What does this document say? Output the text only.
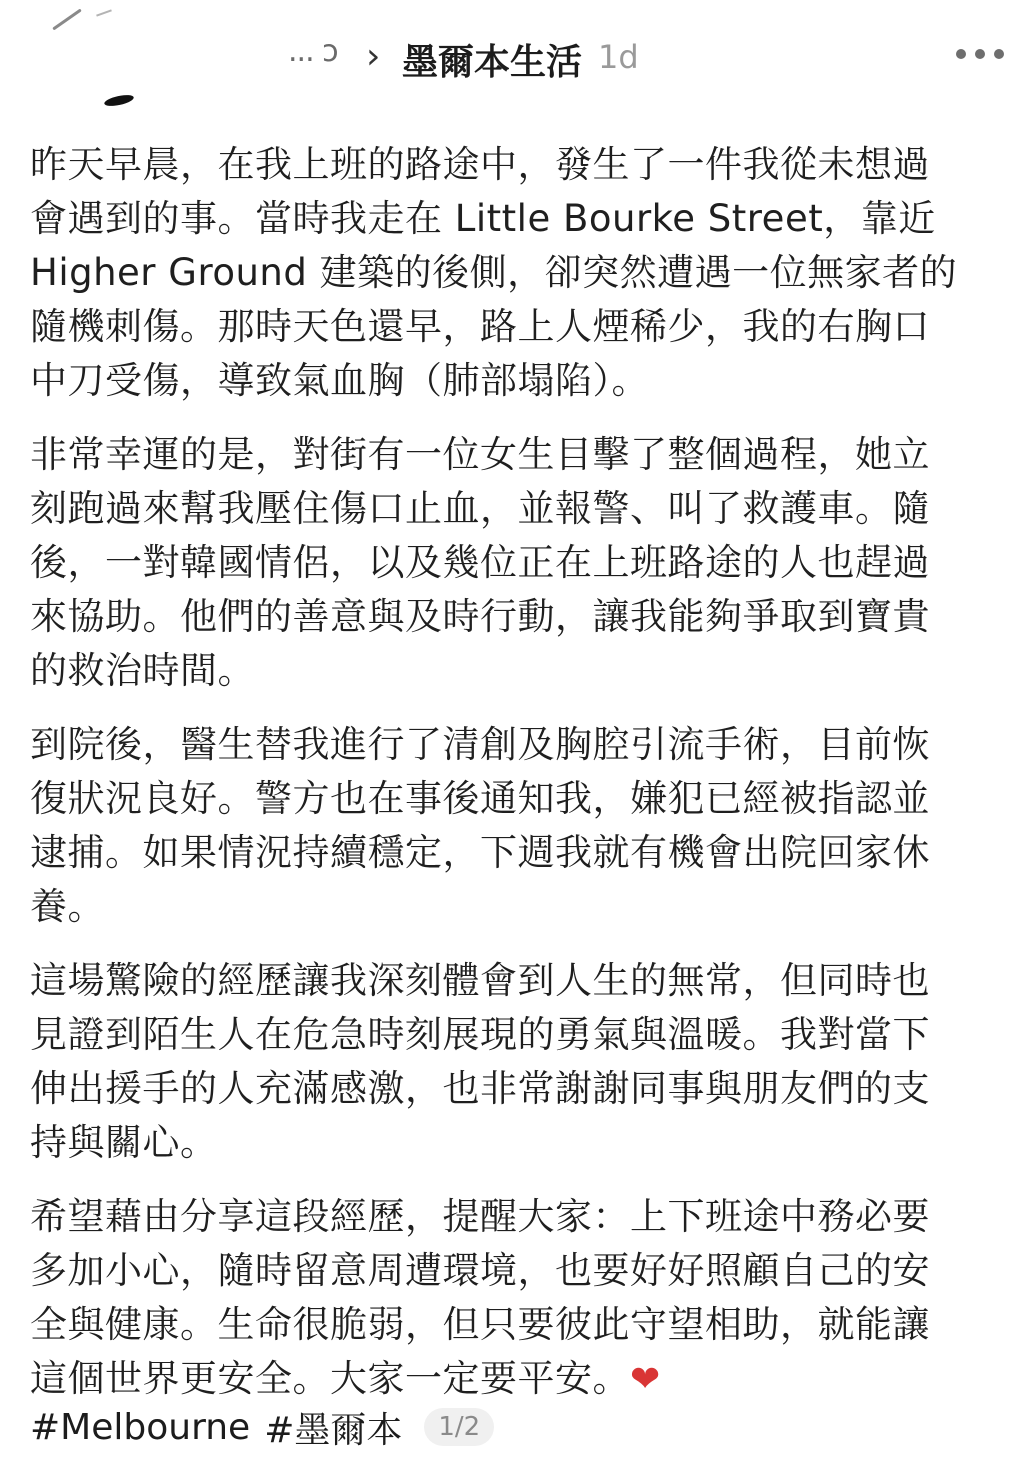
... ͻ › 墨爾本生活 1d

昨天早晨，在我上班的路途中，發生了一件我從未想過會遇到的事。當時我走在 Little Bourke Street，靠近 Higher Ground 建築的後側，卻突然遭遇一位無家者的隨機刺傷。那時天色還早，路上人煙稀少，我的右胸口中刀受傷，導致氣血胸（肺部塌陷）。

非常幸運的是，對街有一位女生目擊了整個過程，她立刻跑過來幫我壓住傷口止血，並報警、叫了救護車。隨後，一對韓國情侶，以及幾位正在上班路途的人也趕過來協助。他們的善意與及時行動，讓我能夠爭取到寶貴的救治時間。

到院後，醫生替我進行了清創及胸腔引流手術，目前恢復狀況良好。警方也在事後通知我，嫌犯已經被指認並逮捕。如果情況持續穩定，下週我就有機會出院回家休養。

這場驚險的經歷讓我深刻體會到人生的無常，但同時也見證到陌生人在危急時刻展現的勇氣與溫暖。我對當下伸出援手的人充滿感激，也非常謝謝同事與朋友們的支持與關心。

希望藉由分享這段經歷，提醒大家：上下班途中務必要多加小心，隨時留意周遭環境，也要好好照顧自己的安全與健康。生命很脆弱，但只要彼此守望相助，就能讓這個世界更安全。大家一定要平安。❤

#Melbourne #墨爾本	1/2
